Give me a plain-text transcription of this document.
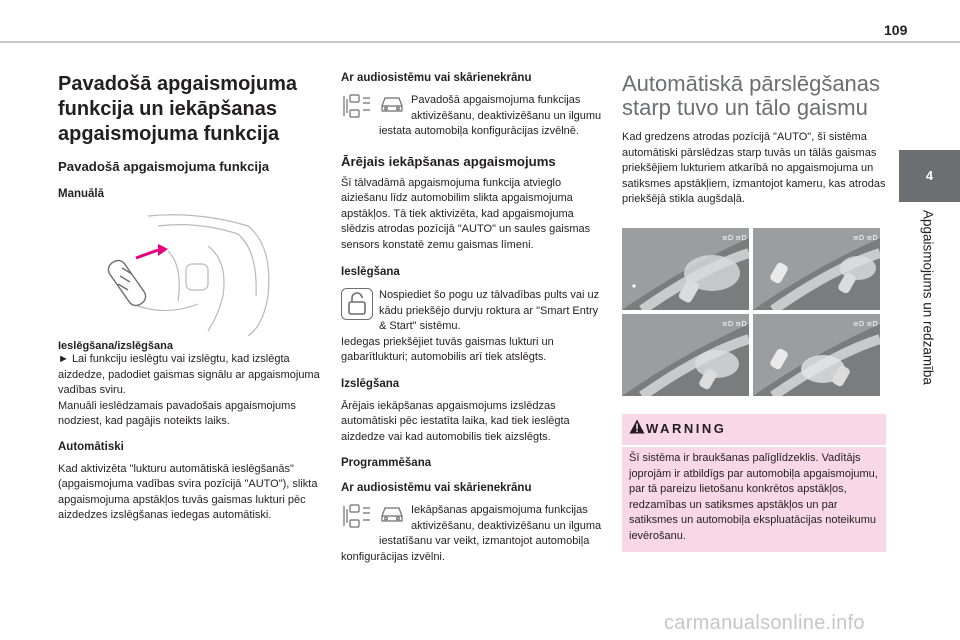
109
4
Apgaismojums un redzamība
Pavadošā apgaismojuma funkcija un iekāpšanas apgaismojuma funkcija
Pavadošā apgaismojuma funkcija
Manuālā
Ieslēgšana/izslēgšana

► Lai funkciju ieslēgtu vai izslēgtu, kad izslēgta aizdedze, padodiet gaismas signālu ar apgaismojuma vadības sviru.

Manuāli ieslēdzamais pavadošais apgaismojums nodziest, kad pagājis noteikts laiks.

Automātiski

Kad aktivizēta "lukturu automātiskā ieslēgšanās" (apgaismojuma vadības svira pozīcijā "AUTO"), slikta apgaismojuma apstākļos tuvās gaismas lukturi pēc aizdedzes izslēgšanas iedegas automātiski.

Ar audiosistēmu vai skārienekrānu

Pavadošā apgaismojuma funkcijas aktivizēšanu, deaktivizēšanu un ilgumu iestata automobiļa konfigurācijas izvēlnē.

Ārējais iekāpšanas apgaismojums

Šī tālvadāmā apgaismojuma funkcija atvieglo aiziešanu līdz automobilim slikta apgaismojuma apstākļos. Tā tiek aktivizēta, kad apgaismojuma slēdzis atrodas pozīcijā "AUTO" un saules gaismas sensors konstatē zemu gaismas līmeni.

Ieslēgšana

Nospiediet šo pogu uz tālvadības pults vai uz kādu priekšējo durvju roktura ar "Smart Entry & Start" sistēmu.

Iedegas priekšējiet tuvās gaismas lukturi un gabarītlukturi; automobilis arī tiek atslēgts.

Izslēgšana

Ārējais iekāpšanas apgaismojums izslēdzas automātiski pēc iestatīta laika, kad tiek ieslēgta aizdedze vai kad automobilis tiek aizslēgts.

Programmēšana
Ar audiosistēmu vai skārienekrānu

Iekāpšanas apgaismojuma funkcijas aktivizēšanu, deaktivizēšanu un ilguma iestatīšanu var veikt, izmantojot automobiļa konfigurācijas izvēlni.

Automātiskā pārslēgšanas starp tuvo un tālo gaismu

Kad gredzens atrodas pozīcijā "AUTO", šī sistēma automātiski pārslēdzas starp tuvās un tālās gaismas priekšējiem lukturiem atkarībā no apgaismojuma un satiksmes apstākļiem, izmantojot kameru, kas atrodas priekšējā stikla augšdaļā.

≡D ≡D	≡D ≡D
≡D ≡D	≡D ≡D
WARNING

Šī sistēma ir braukšanas palīglīdzeklis. Vadītājs joprojām ir atbildīgs par automobiļa apgaismojumu, par tā pareizu lietošanu konkrētos apstākļos, redzamības un satiksmes apstākļos un par satiksmes un automobiļa ekspluatācijas noteikumu ievērošanu.

carmanualsonline.info
